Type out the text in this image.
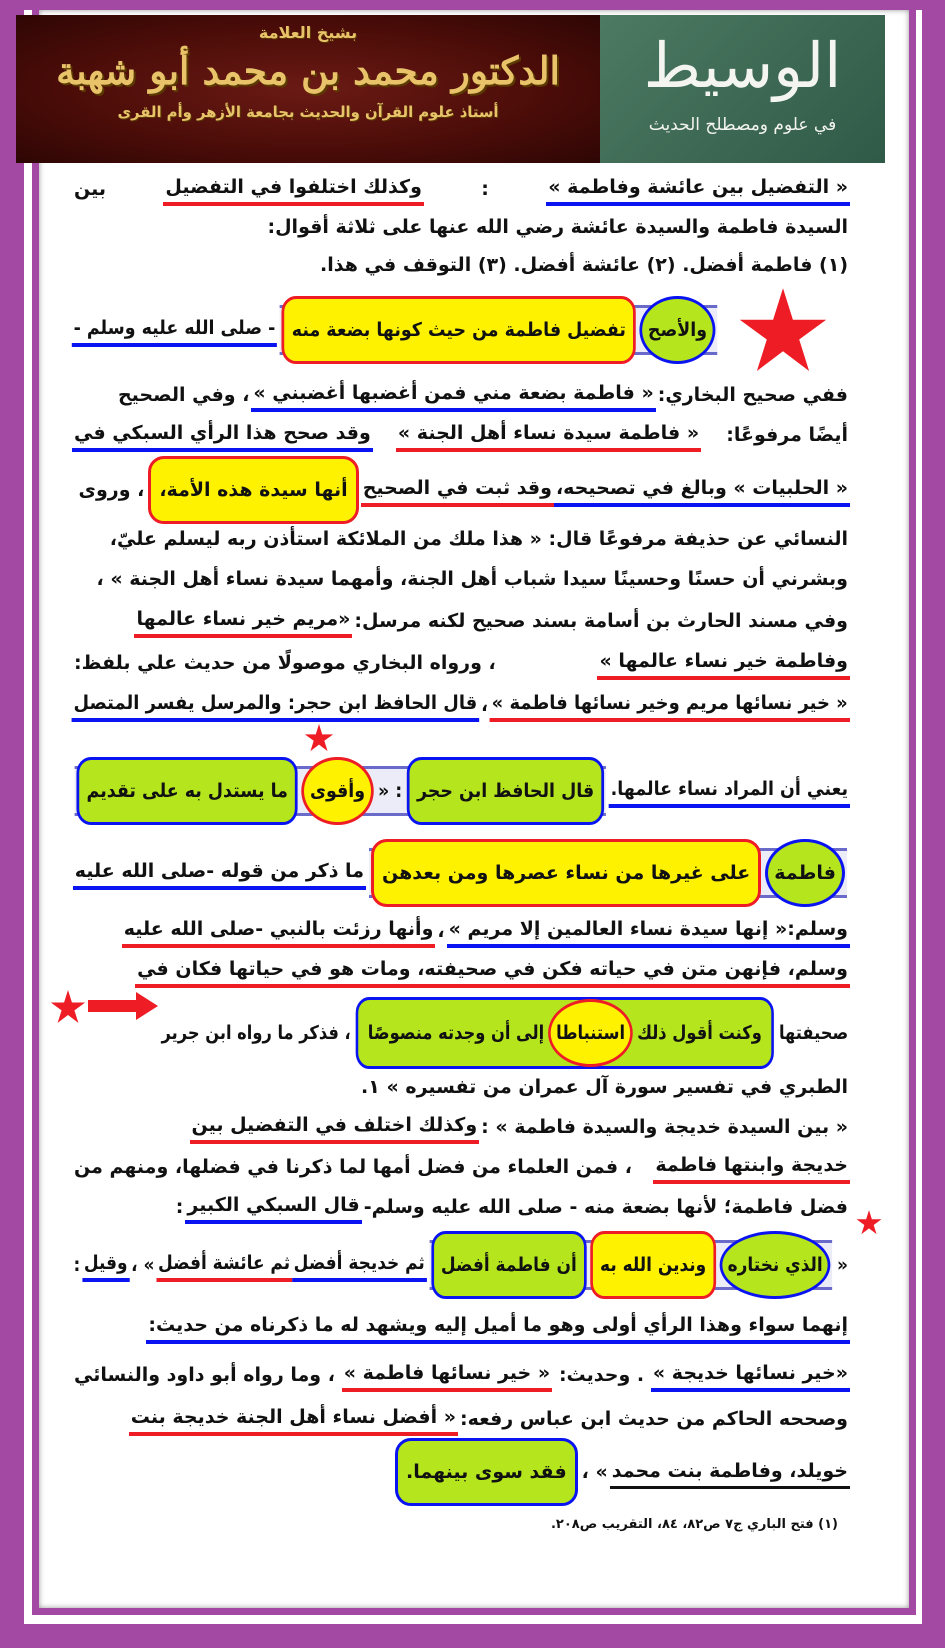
بشيخ العلامة
الدكتور محمد بن محمد أبو شهبة
أستاذ علوم القرآن والحديث بجامعة الأزهر وأم القرى
الوسيط
في علوم ومصطلح الحديث
« التفضيل بين عائشة وفاطمة »
:
وكذلك اختلفوا في التفضيل
بين
السيدة فاطمة والسيدة عائشة رضي الله عنها على ثلاثة أقوال:
(١) فاطمة أفضل. (٢) عائشة أفضل. (٣) التوقف في هذا.
والأصح
تفضيل فاطمة من حيث كونها بضعة منه
- صلى الله عليه وسلم -
ففي صحيح البخاري:
« فاطمة بضعة مني فمن أغضبها أغضبني »
، وفي الصحيح
أيضًا مرفوعًا:
« فاطمة سيدة نساء أهل الجنة »
وقد صحح هذا الرأي السبكي في
« الحلبيات » وبالغ في تصحيحه،
وقد ثبت في الصحيح
أنها سيدة هذه الأمة،
، وروى
النسائي عن حذيفة مرفوعًا قال: « هذا ملك من الملائكة استأذن ربه ليسلم عليّ،
وبشرني أن حسنًا وحسينًا سيدا شباب أهل الجنة، وأمهما سيدة نساء أهل الجنة » ،
وفي مسند الحارث بن أسامة بسند صحيح لكنه مرسل:
«مريم خير نساء عالمها
وفاطمة خير نساء عالمها »
، ورواه البخاري موصولًا من حديث علي بلفظ:
« خير نسائها مريم وخير نسائها فاطمة »
،
قال الحافظ ابن حجر: والمرسل يفسر المتصل
يعني أن المراد نساء عالمها.
قال الحافظ ابن حجر
: «
وأقوى
ما يستدل به على تقديم
فاطمة
على غيرها من نساء عصرها ومن بعدهن
ما ذكر من قوله -صلى الله عليه
وسلم:« إنها سيدة نساء العالمين إلا مريم »
،
وأنها رزئت بالنبي -صلى الله عليه
وسلم، فإنهن متن في حياته فكن في صحيفته، ومات هو في حياتها فكان في
صحيفتها
وكنت أقول ذلك
استنباطا
إلى أن وجدته منصوصًا
، فذكر ما رواه ابن جرير
الطبري في تفسير سورة آل عمران من تفسيره » ١.
« بين السيدة خديجة والسيدة فاطمة » :
وكذلك اختلف في التفضيل بين
خديجة وابنتها فاطمة
، فمن العلماء من فضل أمها لما ذكرنا في فضلها، ومنهم من
فضل فاطمة؛ لأنها بضعة منه - صلى الله عليه وسلم-
قال السبكي الكبير
:
«
الذي نختاره
وندين الله به
أن فاطمة أفضل
ثم خديجة أفضل
ثم عائشة أفضل
» ،
وقيل
:
إنهما سواء وهذا الرأي أولى وهو ما أميل إليه ويشهد له ما ذكرناه من حديث:
«خير نسائها خديجة »
. وحديث:
« خير نسائها فاطمة »
، وما رواه أبو داود والنسائي
وصححه الحاكم من حديث ابن عباس رفعه:
« أفضل نساء أهل الجنة خديجة بنت
خويلد، وفاطمة بنت محمد
» ،
فقد سوى بينهما.
(١) فتح الباري ج٧ ص٨٢، ٨٤، التقريب ص٢٠٨.
